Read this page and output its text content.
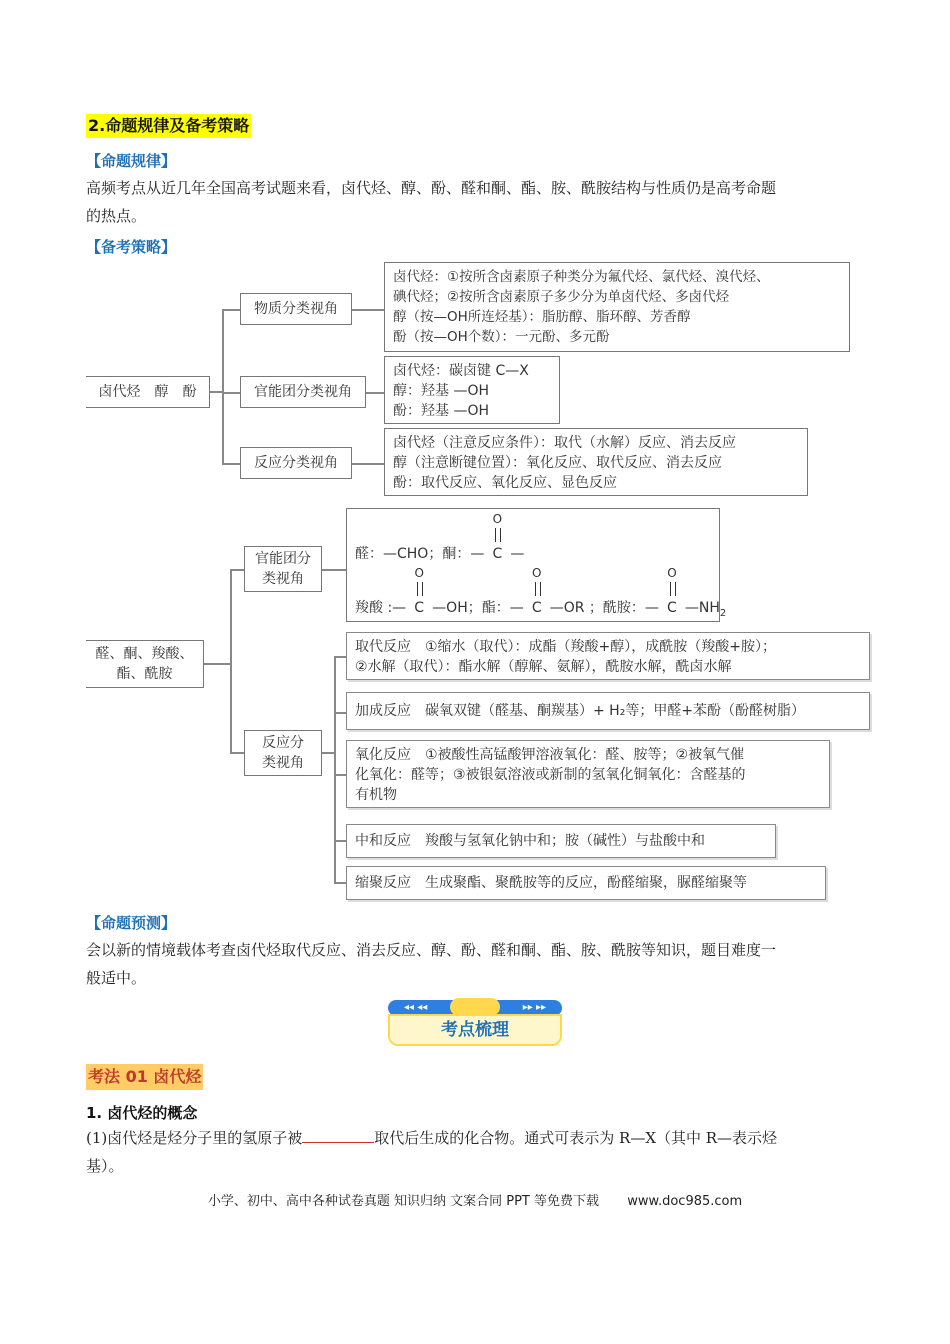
2.命题规律及备考策略
【命题规律】
高频考点从近几年全国高考试题来看，卤代烃、醇、酚、醛和酮、酯、胺、酰胺结构与性质仍是高考命题
的热点。
【备考策略】
卤代烃　醇　酚
物质分类视角
卤代烃：①按所含卤素原子种类分为氟代烃、氯代烃、溴代烃、
碘代烃；②按所含卤素原子多少分为单卤代烃、多卤代烃
醇（按—OH所连烃基）：脂肪醇、脂环醇、芳香醇
酚（按—OH个数）：一元酚、多元酚
官能团分类视角
卤代烃：碳卤键 C—X
醇：羟基 —OH
酚：羟基 —OH
反应分类视角
卤代烃（注意反应条件）：取代（水解）反应、消去反应
醇（注意断键位置）：氧化反应、取代反应、消去反应
酚：取代反应、氧化反应、显色反应
醛、酮、羧酸、
酯、酰胺
官能团分
类视角
醛：—CHO；酮：—
O
C —
羧酸 :—
O
C —OH；酯：—
O
C —OR ；酰胺：—
O
C $—NH_2$
反应分
类视角
取代反应　①缩水（取代）：成酯（羧酸+醇），成酰胺（羧酸+胺）；
②水解（取代）：酯水解（醇解、氨解），酰胺水解，酰卤水解
加成反应　碳氧双键（醛基、酮羰基）+ H₂等；甲醛+苯酚（酚醛树脂）
氧化反应　①被酸性高锰酸钾溶液氧化：醛、胺等；②被氧气催
化氧化：醛等；③被银氨溶液或新制的氢氧化铜氧化：含醛基的
有机物
中和反应　羧酸与氢氧化钠中和；胺（碱性）与盐酸中和
缩聚反应　生成聚酯、聚酰胺等的反应，酚醛缩聚，脲醛缩聚等
【命题预测】
会以新的情境载体考查卤代烃取代反应、消去反应、醇、酚、醛和酮、酯、胺、酰胺等知识，题目难度一
般适中。
◂◂ ◂◂	▸▸ ▸▸
考点梳理
考法 01 卤代烃
1. 卤代烃的概念
(1)卤代烃是烃分子里的氢原子被	取代后生成的化合物。通式可表示为 R—X（其中 R—表示烃
基）。
小学、初中、高中各种试卷真题 知识归纳 文案合同 PPT 等免费下载 www.doc985.com
